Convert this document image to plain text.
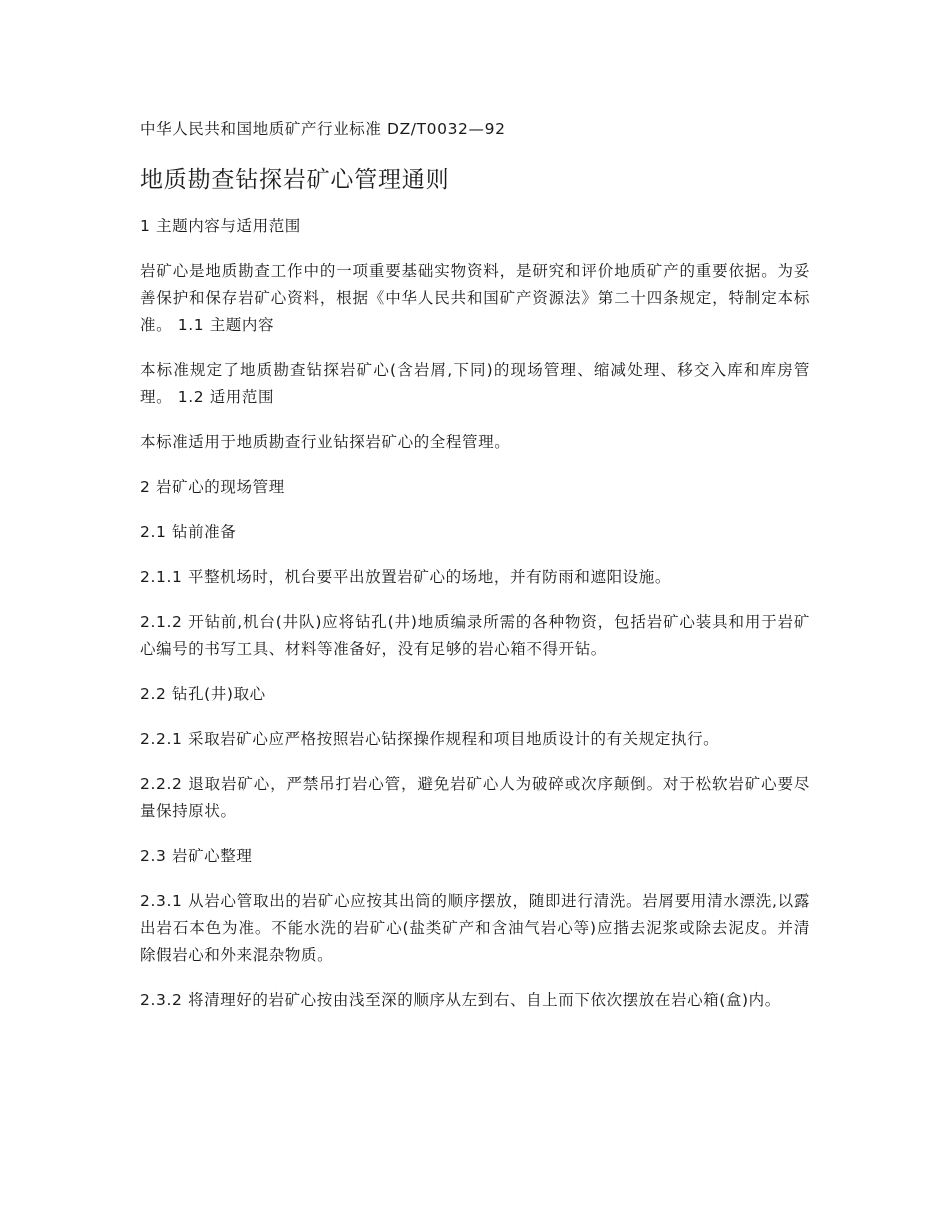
中华人民共和国地质矿产行业标准 DZ/T0032—92

地质勘查钻探岩矿心管理通则

1 主题内容与适用范围

岩矿心是地质勘查工作中的一项重要基础实物资料，是研究和评价地质矿产的重要依据。为妥善保护和保存岩矿心资料，根据《中华人民共和国矿产资源法》第二十四条规定，特制定本标准。 1.1 主题内容

本标准规定了地质勘查钻探岩矿心(含岩屑,下同)的现场管理、缩减处理、移交入库和库房管理。 1.2 适用范围

本标准适用于地质勘查行业钻探岩矿心的全程管理。

2 岩矿心的现场管理

2.1 钻前准备

2.1.1 平整机场时，机台要平出放置岩矿心的场地，并有防雨和遮阳设施。

2.1.2 开钻前,机台(井队)应将钻孔(井)地质编录所需的各种物资，包括岩矿心装具和用于岩矿心编号的书写工具、材料等准备好，没有足够的岩心箱不得开钻。

2.2 钻孔(井)取心

2.2.1 采取岩矿心应严格按照岩心钻探操作规程和项目地质设计的有关规定执行。

2.2.2 退取岩矿心，严禁吊打岩心管，避免岩矿心人为破碎或次序颠倒。对于松软岩矿心要尽量保持原状。

2.3 岩矿心整理

2.3.1 从岩心管取出的岩矿心应按其出筒的顺序摆放，随即进行清洗。岩屑要用清水漂洗,以露出岩石本色为准。不能水洗的岩矿心(盐类矿产和含油气岩心等)应揩去泥浆或除去泥皮。并清除假岩心和外来混杂物质。

2.3.2 将清理好的岩矿心按由浅至深的顺序从左到右、自上而下依次摆放在岩心箱(盒)内。
